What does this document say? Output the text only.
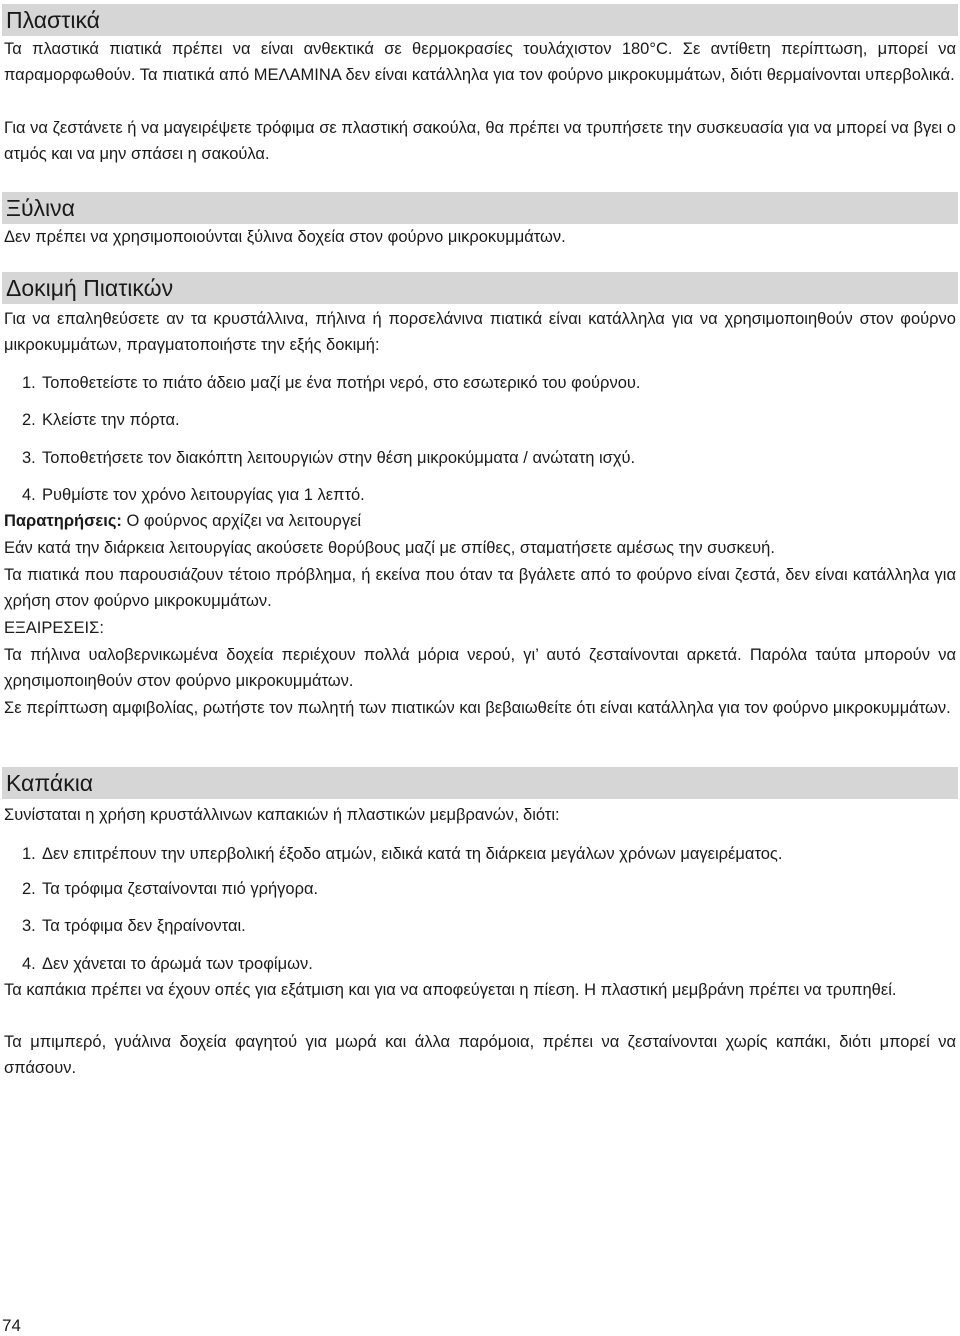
Πλαστικά

Τα πλαστικά πιατικά πρέπει να είναι ανθεκτικά σε θερμοκρασίες τουλάχιστον 180°C. Σε αντίθετη περίπτωση, μπορεί να παραμορφωθούν. Τα πιατικά από ΜΕΛΑΜΙΝΑ δεν είναι κατάλληλα για τον φούρνο μικροκυμμάτων, διότι θερμαίνονται υπερβολικά.

Για να ζεστάνετε ή να μαγειρέψετε τρόφιμα σε πλαστική σακούλα, θα πρέπει να τρυπήσετε την συσκευασία για να μπορεί να βγει ο ατμός και να μην σπάσει η σακούλα.

Ξύλινα

Δεν πρέπει να χρησιμοποιούνται ξύλινα δοχεία στον φούρνο μικροκυμμάτων.

Δοκιμή Πιατικών

Για να επαληθεύσετε αν τα κρυστάλλινα, πήλινα ή πορσελάνινα πιατικά είναι κατάλληλα για να χρησιμοποιηθούν στον φούρνο μικροκυμμάτων, πραγματοποιήστε την εξής δοκιμή:

1. Τοποθετείστε το πιάτο άδειο μαζί με ένα ποτήρι νερό, στο εσωτερικό του φούρνου.

2. Κλείστε την πόρτα.

3. Τοποθετήσετε τον διακόπτη λειτουργιών στην θέση μικροκύμματα / ανώτατη ισχύ.

4. Ρυθμίστε τον χρόνο λειτουργίας για 1 λεπτό.

Παρατηρήσεις: Ο φούρνος αρχίζει να λειτουργεί

Εάν κατά την διάρκεια λειτουργίας ακούσετε θορύβους μαζί με σπίθες, σταματήσετε αμέσως την συσκευή.

Τα πιατικά που παρουσιάζουν τέτοιο πρόβλημα, ή εκείνα που όταν τα βγάλετε από το φούρνο είναι ζεστά, δεν είναι κατάλληλα για χρήση στον φούρνο μικροκυμμάτων.

ΕΞΑΙΡΕΣΕΙΣ:

Τα πήλινα υαλοβερνικωμένα δοχεία περιέχουν πολλά μόρια νερού, γι’ αυτό ζεσταίνονται αρκετά. Παρόλα ταύτα μπορούν να χρησιμοποιηθούν στον φούρνο μικροκυμμάτων.

Σε περίπτωση αμφιβολίας, ρωτήστε τον πωλητή των πιατικών και βεβαιωθείτε ότι είναι κατάλληλα για τον φούρνο μικροκυμμάτων.

Καπάκια

Συνίσταται η χρήση κρυστάλλινων καπακιών ή πλαστικών μεμβρανών, διότι:

1. Δεν επιτρέπουν την υπερβολική έξοδο ατμών, ειδικά κατά τη διάρκεια μεγάλων χρόνων μαγειρέματος.

2. Τα τρόφιμα ζεσταίνονται πιό γρήγορα.

3. Τα τρόφιμα δεν ξηραίνονται.

4. Δεν χάνεται το άρωμά των τροφίμων.

Τα καπάκια πρέπει να έχουν οπές για εξάτμιση και για να αποφεύγεται η πίεση. Η πλαστική μεμβράνη πρέπει να τρυπηθεί.

Τα μπιμπερό, γυάλινα δοχεία φαγητού για μωρά και άλλα παρόμοια, πρέπει να ζεσταίνονται χωρίς καπάκι, διότι μπορεί να σπάσουν.

74
